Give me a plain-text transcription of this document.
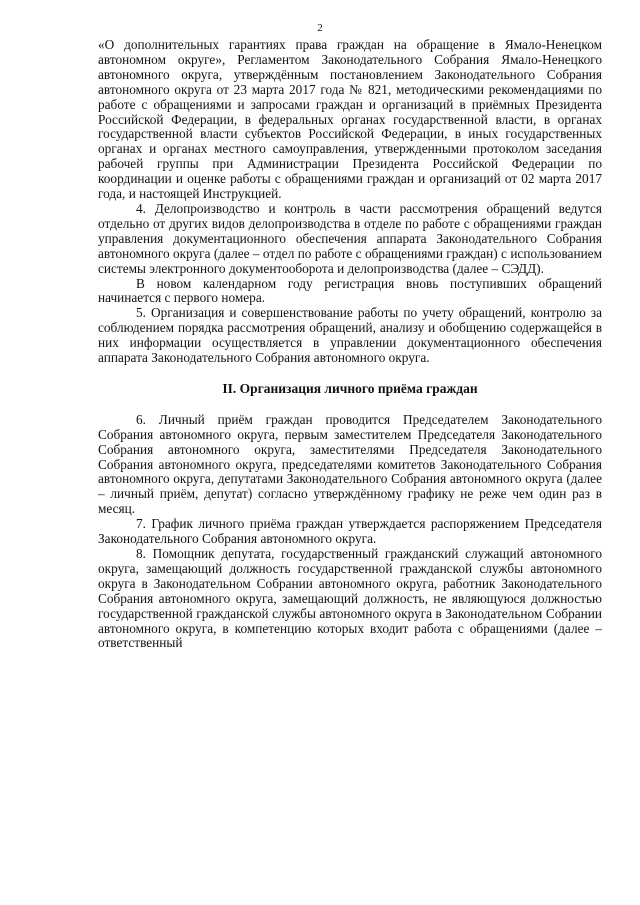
2

«О дополнительных гарантиях права граждан на обращение в Ямало-Ненецком автономном округе», Регламентом Законодательного Собрания Ямало-Ненецкого автономного округа, утверждённым постановлением Законодательного Собрания автономного округа от 23 марта 2017 года № 821, методическими рекомендациями по работе с обращениями и запросами граждан и организаций в приёмных Президента Российской Федерации, в федеральных органах государственной власти, в органах государственной власти субъектов Российской Федерации, в иных государственных органах и органах местного самоуправления, утвержденными протоколом заседания рабочей группы при Администрации Президента Российской Федерации по координации и оценке работы с обращениями граждан и организаций от 02 марта 2017 года, и настоящей Инструкцией.

4. Делопроизводство и контроль в части рассмотрения обращений ведутся отдельно от других видов делопроизводства в отделе по работе с обращениями граждан управления документационного обеспечения аппарата Законодательного Собрания автономного округа (далее – отдел по работе с обращениями граждан) с использованием системы электронного документооборота и делопроизводства (далее – СЭДД).

В новом календарном году регистрация вновь поступивших обращений начинается с первого номера.

5. Организация и совершенствование работы по учету обращений, контролю за соблюдением порядка рассмотрения обращений, анализу и обобщению содержащейся в них информации осуществляется в управлении документационного обеспечения аппарата Законодательного Собрания автономного округа.

II. Организация личного приёма граждан

6. Личный приём граждан проводится Председателем Законодательного Собрания автономного округа, первым заместителем Председателя Законодательного Собрания автономного округа, заместителями Председателя Законодательного Собрания автономного округа, председателями комитетов Законодательного Собрания автономного округа, депутатами Законодательного Собрания автономного округа (далее – личный приём, депутат) согласно утверждённому графику не реже чем один раз в месяц.

7. График личного приёма граждан утверждается распоряжением Председателя Законодательного Собрания автономного округа.

8. Помощник депутата, государственный гражданский служащий автономного округа, замещающий должность государственной гражданской службы автономного округа в Законодательном Собрании автономного округа, работник Законодательного Собрания автономного округа, замещающий должность, не являющуюся должностью государственной гражданской службы автономного округа в Законодательном Собрании автономного округа, в компетенцию которых входит работа с обращениями (далее – ответственный
